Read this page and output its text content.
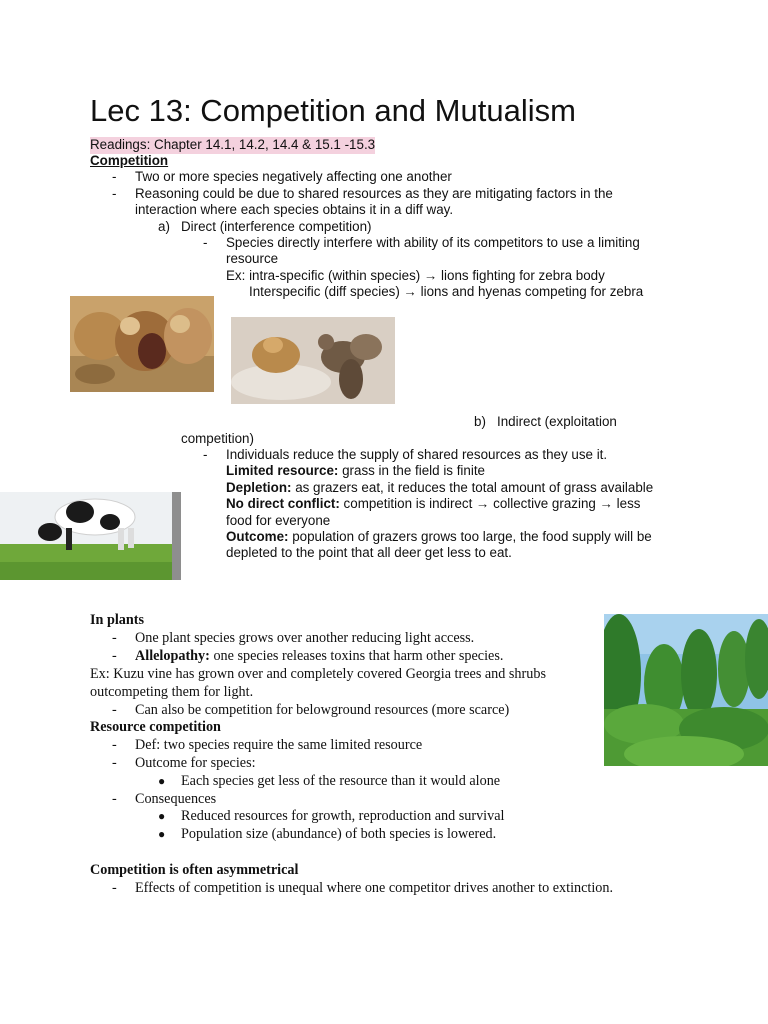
Lec 13: Competition and Mutualism
Readings: Chapter 14.1, 14.2, 14.4 & 15.1 -15.3
Competition
- Two or more species negatively affecting one another
- Reasoning could be due to shared resources as they are mitigating factors in the
interaction where each species obtains it in a diff way.
a) Direct (interference competition)
- Species directly interfere with ability of its competitors to use a limiting
resource
Ex: intra-specific (within species) → lions fighting for zebra body
Interspecific (diff species) → lions and hyenas competing for zebra
b) Indirect (exploitation
competition)
- Individuals reduce the supply of shared resources as they use it.
Limited resource: grass in the field is finite
Depletion: as grazers eat, it reduces the total amount of grass available
No direct conflict: competition is indirect → collective grazing → less
food for everyone
Outcome: population of grazers grows too large, the food supply will be
depleted to the point that all deer get less to eat.
In plants
- One plant species grows over another reducing light access.
- Allelopathy: one species releases toxins that harm other species.
Ex: Kuzu vine has grown over and completely covered Georgia trees and shrubs
outcompeting them for light.
- Can also be competition for belowground resources (more scarce)
Resource competition
- Def: two species require the same limited resource
- Outcome for species:
● Each species get less of the resource than it would alone
- Consequences
● Reduced resources for growth, reproduction and survival
● Population size (abundance) of both species is lowered.
Competition is often asymmetrical
- Effects of competition is unequal where one competitor drives another to extinction.
